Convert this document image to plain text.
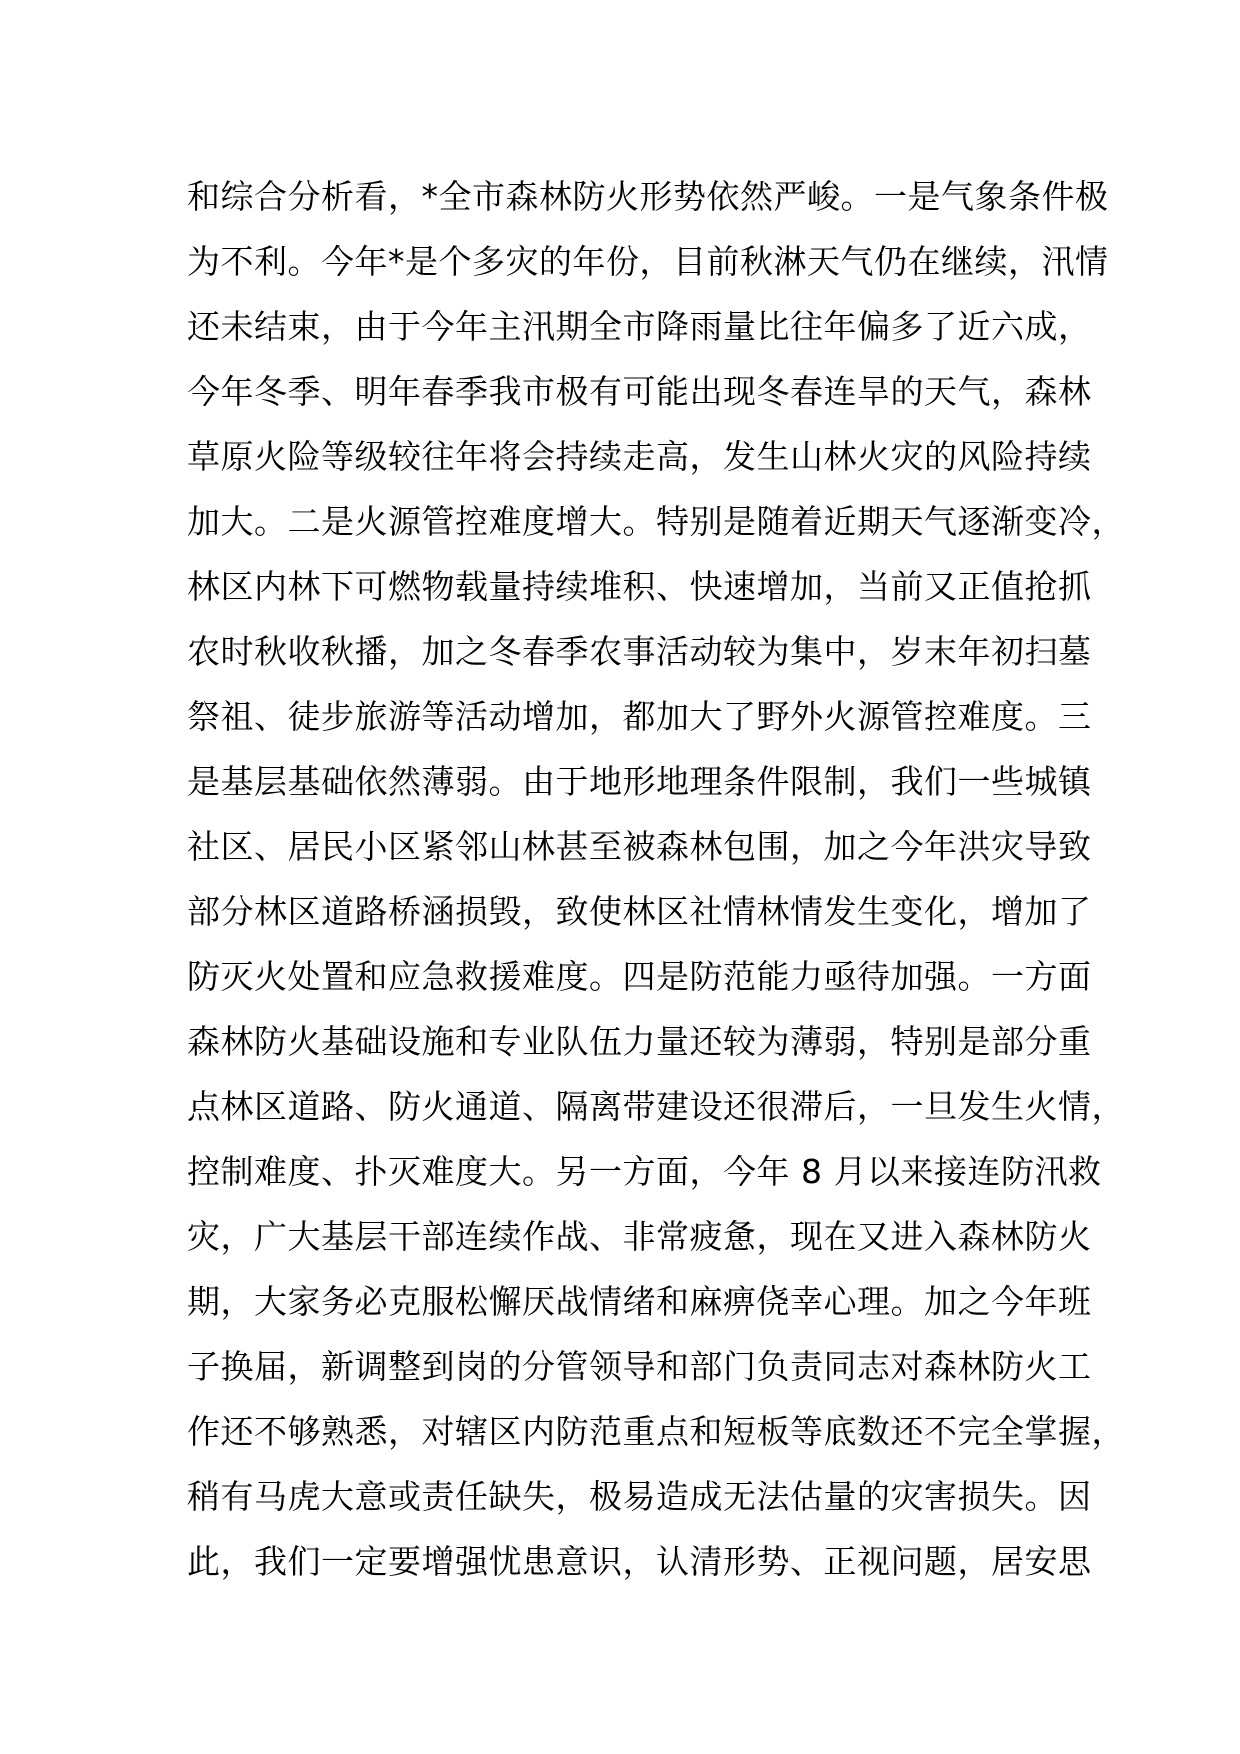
和综合分析看，*全市森林防火形势依然严峻。一是气象条件极
为不利。今年*是个多灾的年份，目前秋淋天气仍在继续，汛情
还未结束，由于今年主汛期全市降雨量比往年偏多了近六成，
今年冬季、明年春季我市极有可能出现冬春连旱的天气，森林
草原火险等级较往年将会持续走高，发生山林火灾的风险持续
加大。二是火源管控难度增大。特别是随着近期天气逐渐变冷，
林区内林下可燃物载量持续堆积、快速增加，当前又正值抢抓
农时秋收秋播，加之冬春季农事活动较为集中，岁末年初扫墓
祭祖、徒步旅游等活动增加，都加大了野外火源管控难度。三
是基层基础依然薄弱。由于地形地理条件限制，我们一些城镇
社区、居民小区紧邻山林甚至被森林包围，加之今年洪灾导致
部分林区道路桥涵损毁，致使林区社情林情发生变化，增加了
防灭火处置和应急救援难度。四是防范能力亟待加强。一方面
森林防火基础设施和专业队伍力量还较为薄弱，特别是部分重
点林区道路、防火通道、隔离带建设还很滞后，一旦发生火情，
控制难度、扑灭难度大。另一方面，今年 8 月以来接连防汛救
灾，广大基层干部连续作战、非常疲惫，现在又进入森林防火
期，大家务必克服松懈厌战情绪和麻痹侥幸心理。加之今年班
子换届，新调整到岗的分管领导和部门负责同志对森林防火工
作还不够熟悉，对辖区内防范重点和短板等底数还不完全掌握，
稍有马虎大意或责任缺失，极易造成无法估量的灾害损失。因
此，我们一定要增强忧患意识，认清形势、正视问题，居安思
